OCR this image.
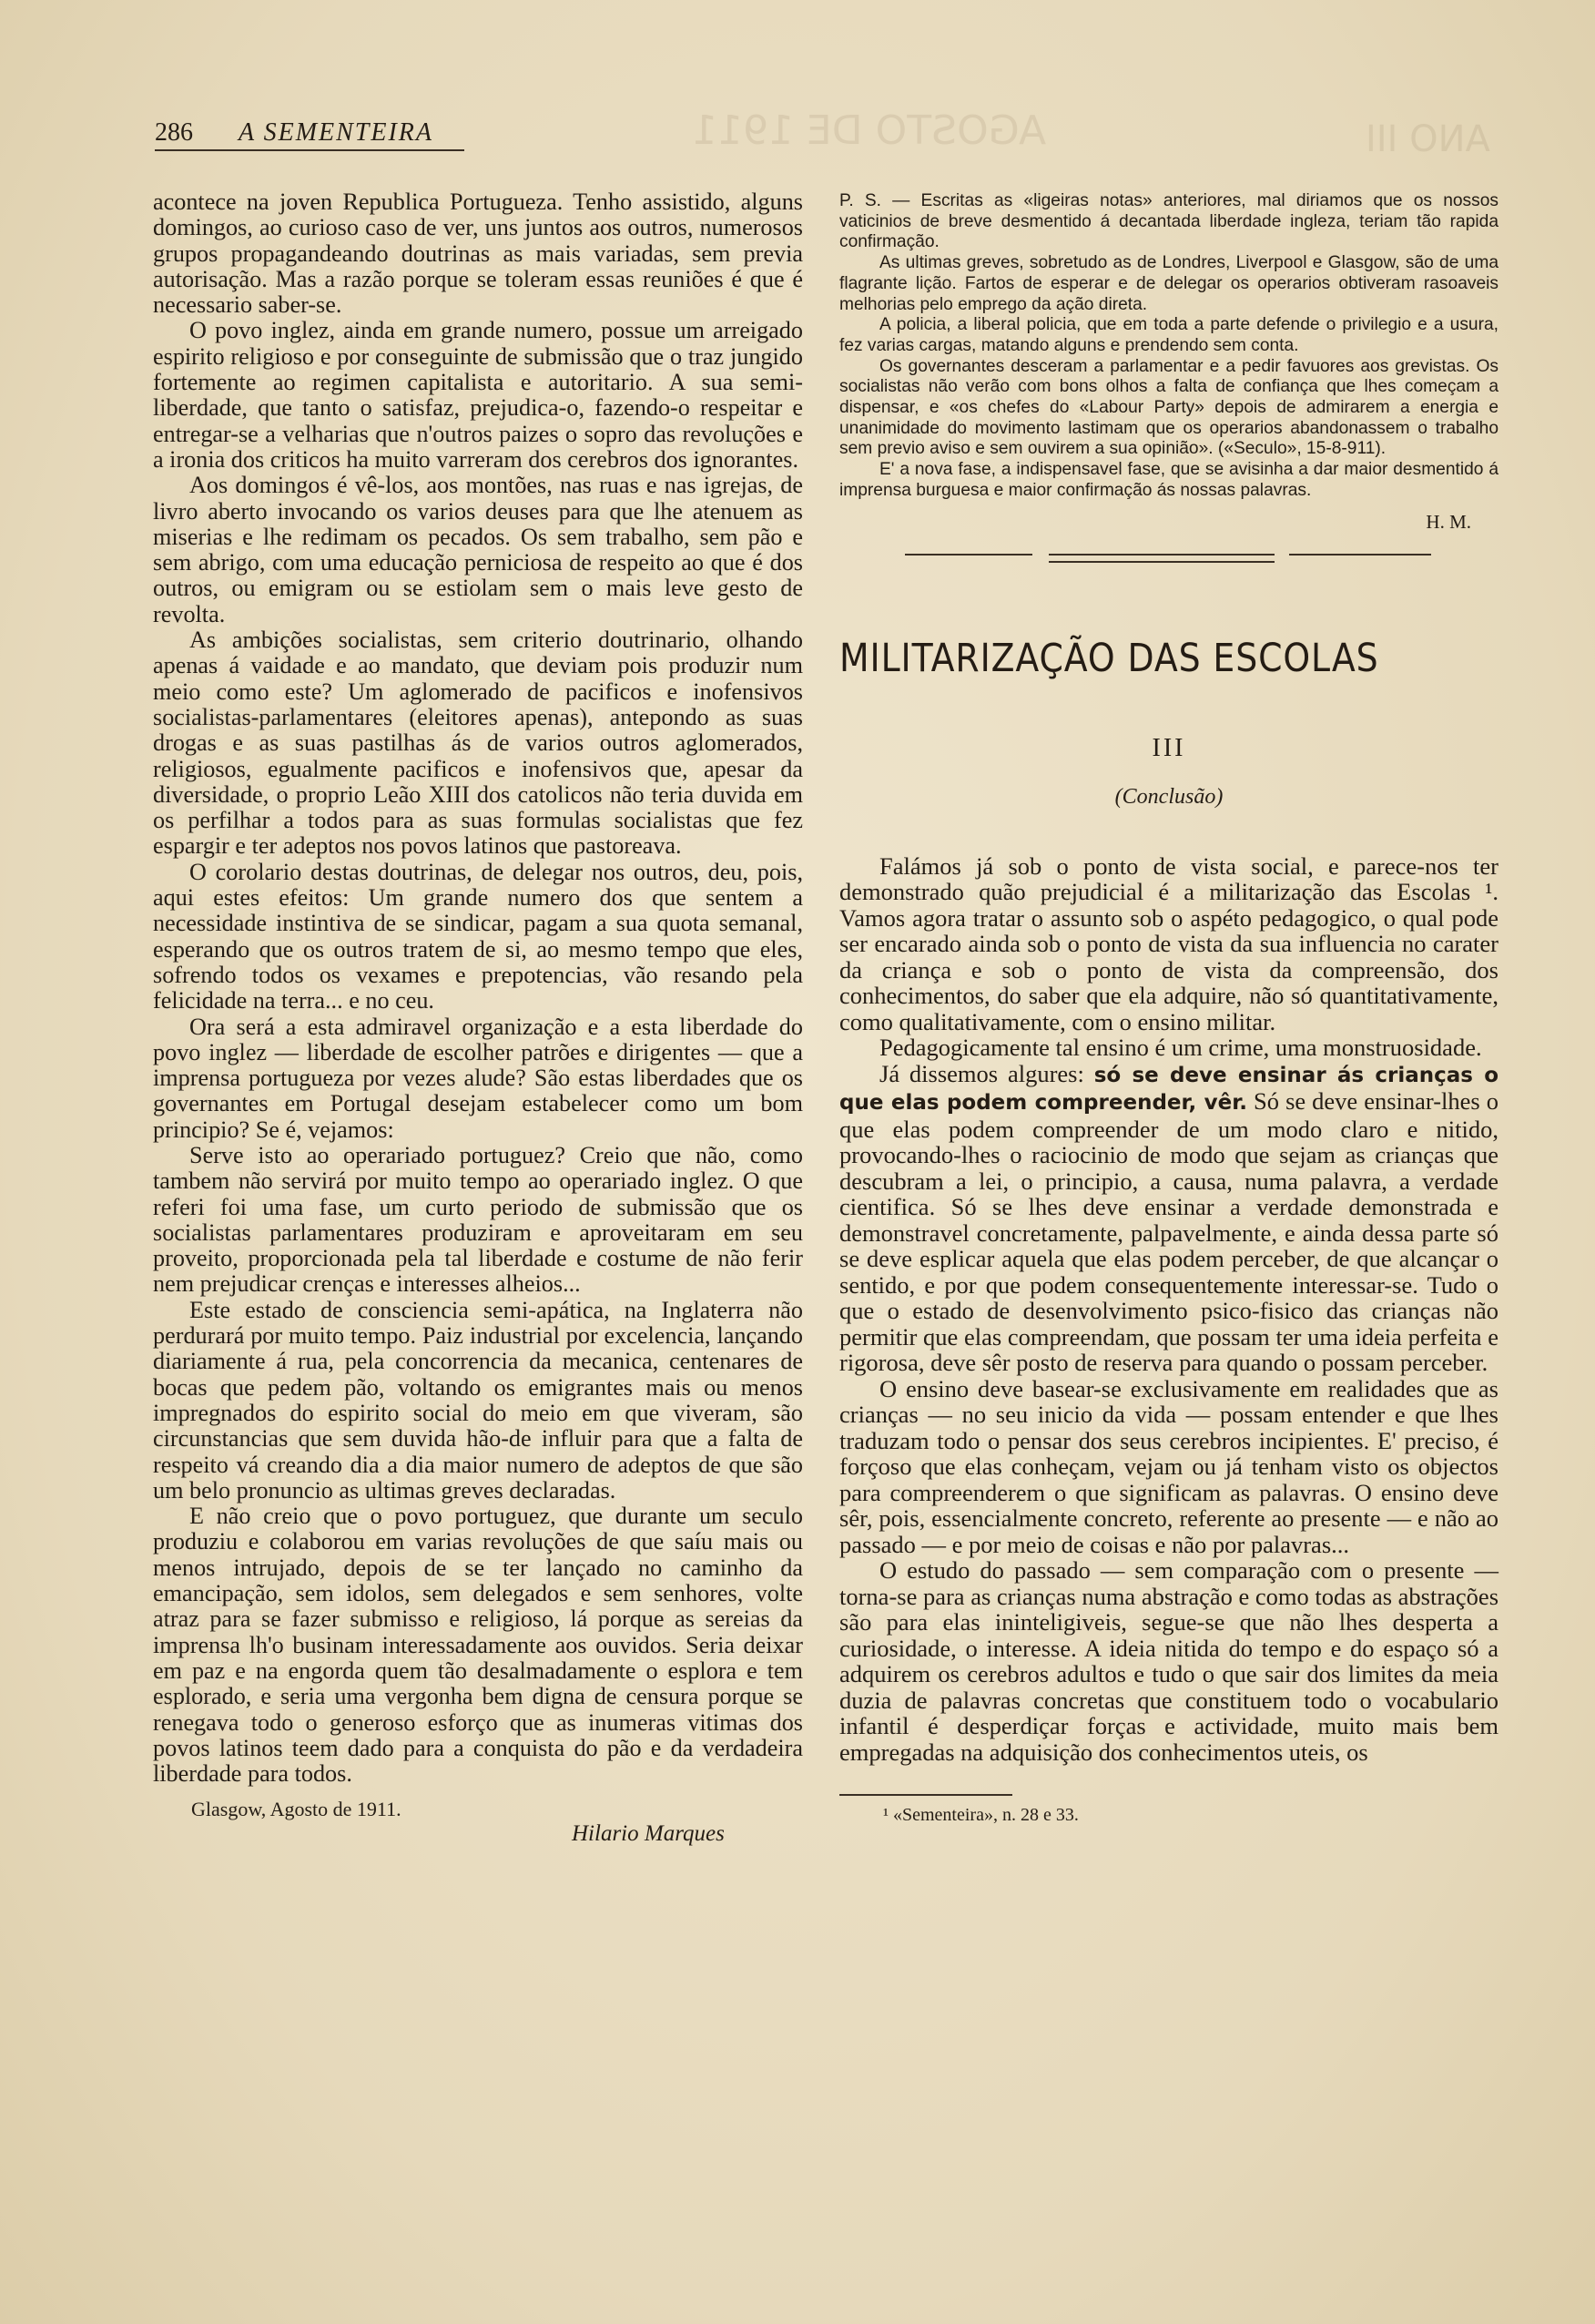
AGOSTO DE 1911	ANO III
286 A SEMENTEIRA

acontece na joven Republica Portugueza. Tenho assistido, alguns domingos, ao curioso caso de ver, uns juntos aos outros, numerosos grupos propagandeando doutrinas as mais variadas, sem previa autorisação. Mas a razão porque se toleram essas reuniões é que é necessario saber-se.

O povo inglez, ainda em grande numero, possue um arreigado espirito religioso e por conseguinte de submissão que o traz jungido fortemente ao regimen capitalista e autoritario. A sua semi-liberdade, que tanto o satisfaz, prejudica-o, fazendo-o respeitar e entregar-se a velharias que n'outros paizes o sopro das revoluções e a ironia dos criticos ha muito varreram dos cerebros dos ignorantes.

Aos domingos é vê-los, aos montões, nas ruas e nas igrejas, de livro aberto invocando os varios deuses para que lhe atenuem as miserias e lhe redimam os pecados. Os sem trabalho, sem pão e sem abrigo, com uma educação perniciosa de respeito ao que é dos outros, ou emigram ou se estiolam sem o mais leve gesto de revolta.

As ambições socialistas, sem criterio doutrinario, olhando apenas á vaidade e ao mandato, que deviam pois produzir num meio como este? Um aglomerado de pacificos e inofensivos socialistas-parlamentares (eleitores apenas), antepondo as suas drogas e as suas pastilhas ás de varios outros aglomerados, religiosos, egualmente pacificos e inofensivos que, apesar da diversidade, o proprio Leão XIII dos catolicos não teria duvida em os perfilhar a todos para as suas formulas socialistas que fez espargir e ter adeptos nos povos latinos que pastoreava.

O corolario destas doutrinas, de delegar nos outros, deu, pois, aqui estes efeitos: Um grande numero dos que sentem a necessidade instintiva de se sindicar, pagam a sua quota semanal, esperando que os outros tratem de si, ao mesmo tempo que eles, sofrendo todos os vexames e prepotencias, vão resando pela felicidade na terra... e no ceu.

Ora será a esta admiravel organização e a esta liberdade do povo inglez — liberdade de escolher patrões e dirigentes — que a imprensa portugueza por vezes alude? São estas liberdades que os governantes em Portugal desejam estabelecer como um bom principio? Se é, vejamos:

Serve isto ao operariado portuguez? Creio que não, como tambem não servirá por muito tempo ao operariado inglez. O que referi foi uma fase, um curto periodo de submissão que os socialistas parlamentares produziram e aproveitaram em seu proveito, proporcionada pela tal liberdade e costume de não ferir nem prejudicar crenças e interesses alheios...

Este estado de consciencia semi-apática, na Inglaterra não perdurará por muito tempo. Paiz industrial por excelencia, lançando diariamente á rua, pela concorrencia da mecanica, centenares de bocas que pedem pão, voltando os emigrantes mais ou menos impregnados do espirito social do meio em que viveram, são circunstancias que sem duvida hão-de influir para que a falta de respeito vá creando dia a dia maior numero de adeptos de que são um belo pronuncio as ultimas greves declaradas.

E não creio que o povo portuguez, que durante um seculo produziu e colaborou em varias revoluções de que saíu mais ou menos intrujado, depois de se ter lançado no caminho da emancipação, sem idolos, sem delegados e sem senhores, volte atraz para se fazer submisso e religioso, lá porque as sereias da imprensa lh'o businam interessadamente aos ouvidos. Seria deixar em paz e na engorda quem tão desalmadamente o esplora e tem esplorado, e seria uma vergonha bem digna de censura porque se renegava todo o generoso esforço que as inumeras vitimas dos povos latinos teem dado para a conquista do pão e da verdadeira liberdade para todos.

Glasgow, Agosto de 1911.
Hilario Marques

P. S. — Escritas as «ligeiras notas» anteriores, mal diriamos que os nossos vaticinios de breve desmentido á decantada liberdade ingleza, teriam tão rapida confirmação.

As ultimas greves, sobretudo as de Londres, Liverpool e Glasgow, são de uma flagrante lição. Fartos de esperar e de delegar os operarios obtiveram rasoaveis melhorias pelo emprego da ação direta.

A policia, a liberal policia, que em toda a parte defende o privilegio e a usura, fez varias cargas, matando alguns e prendendo sem conta.

Os governantes desceram a parlamentar e a pedir favuores aos grevistas. Os socialistas não verão com bons olhos a falta de confiança que lhes começam a dispensar, e «os chefes do «Labour Party» depois de admirarem a energia e unanimidade do movimento lastimam que os operarios abandonassem o trabalho sem previo aviso e sem ouvirem a sua opinião». («Seculo», 15-8-911).

E' a nova fase, a indispensavel fase, que se avisinha a dar maior desmentido á imprensa burguesa e maior confirmação ás nossas palavras.

H. M.
MILITARIZAÇÃO DAS ESCOLAS
III
(Conclusão)

Falámos já sob o ponto de vista social, e parece-nos ter demonstrado quão prejudicial é a militarização das Escolas ¹. Vamos agora tratar o assunto sob o aspéto pedagogico, o qual pode ser encarado ainda sob o ponto de vista da sua influencia no carater da criança e sob o ponto de vista da compreensão, dos conhecimentos, do saber que ela adquire, não só quantitativamente, como qualitativamente, com o ensino militar.

Pedagogicamente tal ensino é um crime, uma monstruosidade.

Já dissemos algures: só se deve ensinar ás crianças o que elas podem compreender, vêr. Só se deve ensinar-lhes o que elas podem compreender de um modo claro e nitido, provocando-lhes o raciocinio de modo que sejam as crianças que descubram a lei, o principio, a causa, numa palavra, a verdade cientifica. Só se lhes deve ensinar a verdade demonstrada e demonstravel concretamente, palpavelmente, e ainda dessa parte só se deve esplicar aquela que elas podem perceber, de que alcançar o sentido, e por que podem consequentemente interessar-se. Tudo o que o estado de desenvolvimento psico-fisico das crianças não permitir que elas compreendam, que possam ter uma ideia perfeita e rigorosa, deve sêr posto de reserva para quando o possam perceber.

O ensino deve basear-se exclusivamente em realidades que as crianças — no seu inicio da vida — possam entender e que lhes traduzam todo o pensar dos seus cerebros incipientes. E' preciso, é forçoso que elas conheçam, vejam ou já tenham visto os objectos para compreenderem o que significam as palavras. O ensino deve sêr, pois, essencialmente concreto, referente ao presente — e não ao passado — e por meio de coisas e não por palavras...

O estudo do passado — sem comparação com o presente — torna-se para as crianças numa abstração e como todas as abstrações são para elas ininteligiveis, segue-se que não lhes desperta a curiosidade, o interesse. A ideia nitida do tempo e do espaço só a adquirem os cerebros adultos e tudo o que sair dos limites da meia duzia de palavras concretas que constituem todo o vocabulario infantil é desperdiçar forças e actividade, muito mais bem empregadas na adquisição dos conhecimentos uteis, os

¹ «Sementeira», n. 28 e 33.
